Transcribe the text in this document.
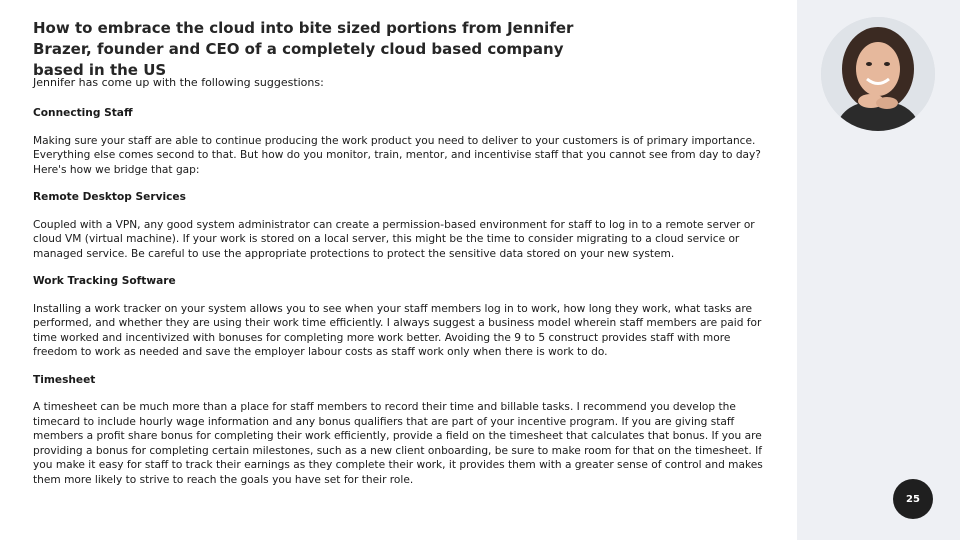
How to embrace the cloud into bite sized portions from Jennifer Brazer, founder and CEO of a completely cloud based company based in the US

Jennifer has come up with the following suggestions:

Connecting Staff

Making sure your staff are able to continue producing the work product you need to deliver to your customers is of primary importance. Everything else comes second to that. But how do you monitor, train, mentor, and incentivise staff that you cannot see from day to day? Here's how we bridge that gap:

Remote Desktop Services

Coupled with a VPN, any good system administrator can create a permission-based environment for staff to log in to a remote server or cloud VM (virtual machine). If your work is stored on a local server, this might be the time to consider migrating to a cloud service or managed service. Be careful to use the appropriate protections to protect the sensitive data stored on your new system.

Work Tracking Software

Installing a work tracker on your system allows you to see when your staff members log in to work, how long they work, what tasks are performed, and whether they are using their work time efficiently. I always suggest a business model wherein staff members are paid for time worked and incentivized with bonuses for completing more work better. Avoiding the 9 to 5 construct provides staff with more freedom to work as needed and save the employer labour costs as staff work only when there is work to do.

Timesheet

A timesheet can be much more than a place for staff members to record their time and billable tasks. I recommend you develop the timecard to include hourly wage information and any bonus qualifiers that are part of your incentive program. If you are giving staff members a profit share bonus for completing their work efficiently, provide a field on the timesheet that calculates that bonus. If you are providing a bonus for completing certain milestones, such as a new client onboarding, be sure to make room for that on the timesheet. If you make it easy for staff to track their earnings as they complete their work, it provides them with a greater sense of control and makes them more likely to strive to reach the goals you have set for their role.

25
